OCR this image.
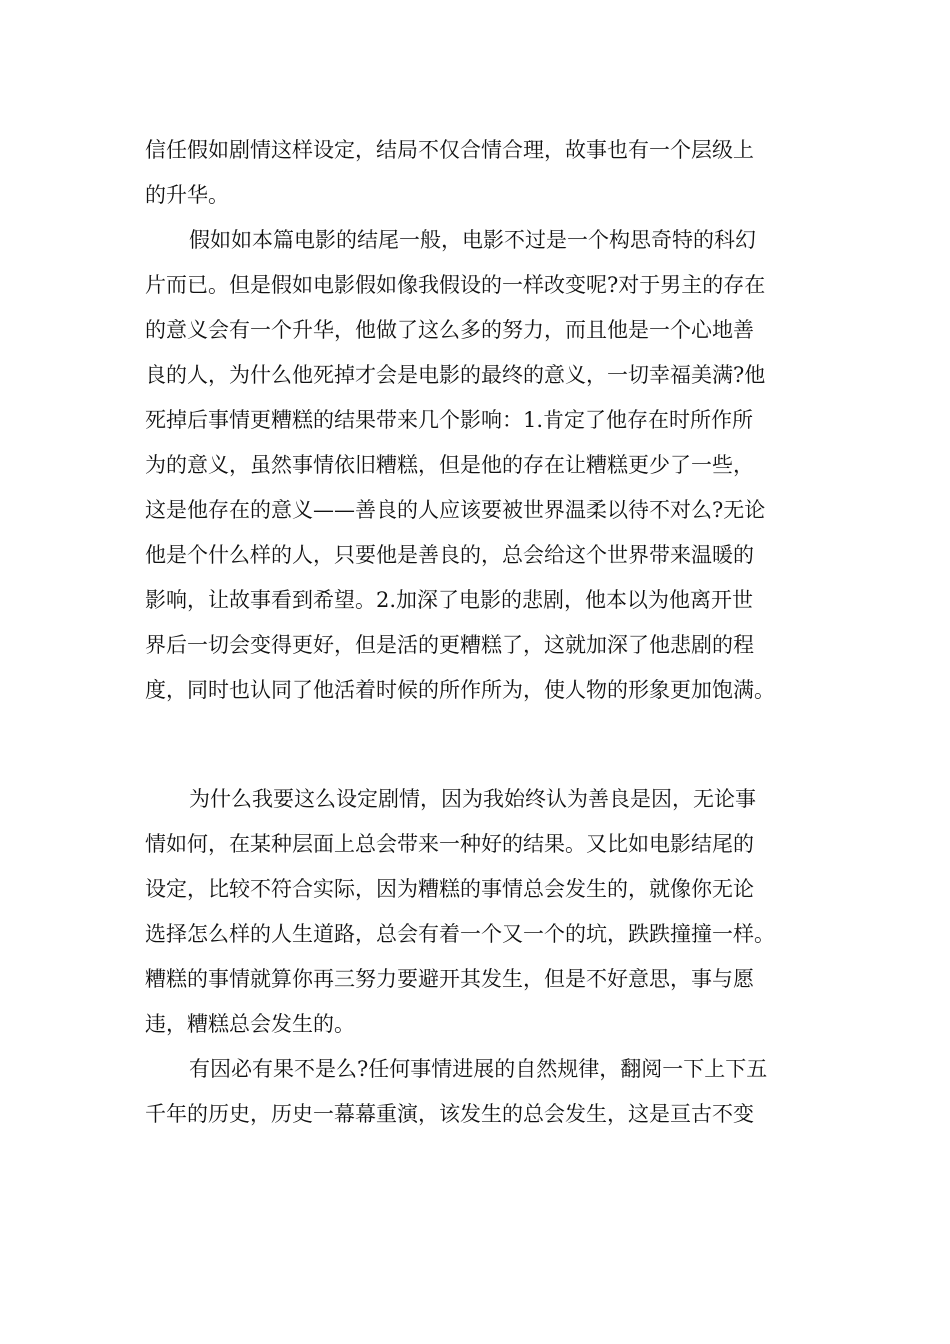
信任假如剧情这样设定，结局不仅合情合理，故事也有一个层级上
的升华。
假如如本篇电影的结尾一般，电影不过是一个构思奇特的科幻
片而已。但是假如电影假如像我假设的一样改变呢?对于男主的存在
的意义会有一个升华，他做了这么多的努力，而且他是一个心地善
良的人，为什么他死掉才会是电影的最终的意义，一切幸福美满?他
死掉后事情更糟糕的结果带来几个影响：1.肯定了他存在时所作所
为的意义，虽然事情依旧糟糕，但是他的存在让糟糕更少了一些，
这是他存在的意义——善良的人应该要被世界温柔以待不对么?无论
他是个什么样的人，只要他是善良的，总会给这个世界带来温暖的
影响，让故事看到希望。2.加深了电影的悲剧，他本以为他离开世
界后一切会变得更好，但是活的更糟糕了，这就加深了他悲剧的程
度，同时也认同了他活着时候的所作所为，使人物的形象更加饱满。
为什么我要这么设定剧情，因为我始终认为善良是因，无论事
情如何，在某种层面上总会带来一种好的结果。又比如电影结尾的
设定，比较不符合实际，因为糟糕的事情总会发生的，就像你无论
选择怎么样的人生道路，总会有着一个又一个的坑，跌跌撞撞一样。
糟糕的事情就算你再三努力要避开其发生，但是不好意思，事与愿
违，糟糕总会发生的。
有因必有果不是么?任何事情进展的自然规律，翻阅一下上下五
千年的历史，历史一幕幕重演，该发生的总会发生，这是亘古不变
